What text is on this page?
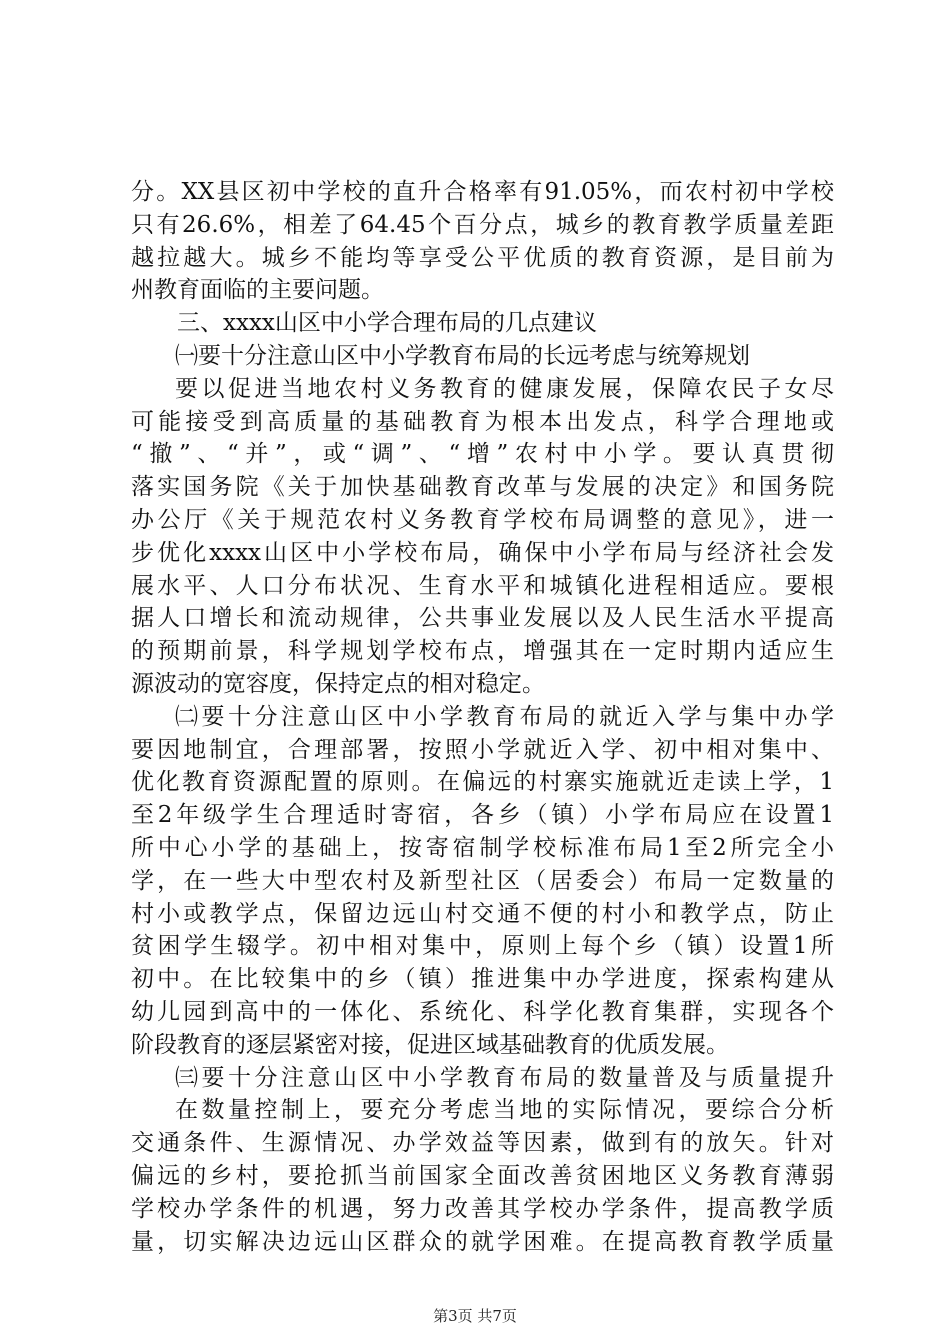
分。XX县区初中学校的直升合格率有91.05%，而农村初中学校
只有26.6%，相差了64.45个百分点，城乡的教育教学质量差距
越拉越大。城乡不能均等享受公平优质的教育资源，是目前为
州教育面临的主要问题。
三、xxxx山区中小学合理布局的几点建议
㈠要十分注意山区中小学教育布局的长远考虑与统筹规划
要以促进当地农村义务教育的健康发展，保障农民子女尽
可能接受到高质量的基础教育为根本出发点，科学合理地或
“撤”、“并”，或“调”、“增”农村中小学。要认真贯彻
落实国务院《关于加快基础教育改革与发展的决定》和国务院
办公厅《关于规范农村义务教育学校布局调整的意见》，进一
步优化xxxx山区中小学校布局，确保中小学布局与经济社会发
展水平、人口分布状况、生育水平和城镇化进程相适应。要根
据人口增长和流动规律，公共事业发展以及人民生活水平提高
的预期前景，科学规划学校布点，增强其在一定时期内适应生
源波动的宽容度，保持定点的相对稳定。
㈡要十分注意山区中小学教育布局的就近入学与集中办学
要因地制宜，合理部署，按照小学就近入学、初中相对集中、
优化教育资源配置的原则。在偏远的村寨实施就近走读上学，1
至2年级学生合理适时寄宿，各乡（镇）小学布局应在设置1
所中心小学的基础上，按寄宿制学校标准布局1至2所完全小
学，在一些大中型农村及新型社区（居委会）布局一定数量的
村小或教学点，保留边远山村交通不便的村小和教学点，防止
贫困学生辍学。初中相对集中，原则上每个乡（镇）设置1所
初中。在比较集中的乡（镇）推进集中办学进度，探索构建从
幼儿园到高中的一体化、系统化、科学化教育集群，实现各个
阶段教育的逐层紧密对接，促进区域基础教育的优质发展。
㈢要十分注意山区中小学教育布局的数量普及与质量提升
在数量控制上，要充分考虑当地的实际情况，要综合分析
交通条件、生源情况、办学效益等因素，做到有的放矢。针对
偏远的乡村，要抢抓当前国家全面改善贫困地区义务教育薄弱
学校办学条件的机遇，努力改善其学校办学条件，提高教学质
量，切实解决边远山区群众的就学困难。在提高教育教学质量
第3页 共7页
